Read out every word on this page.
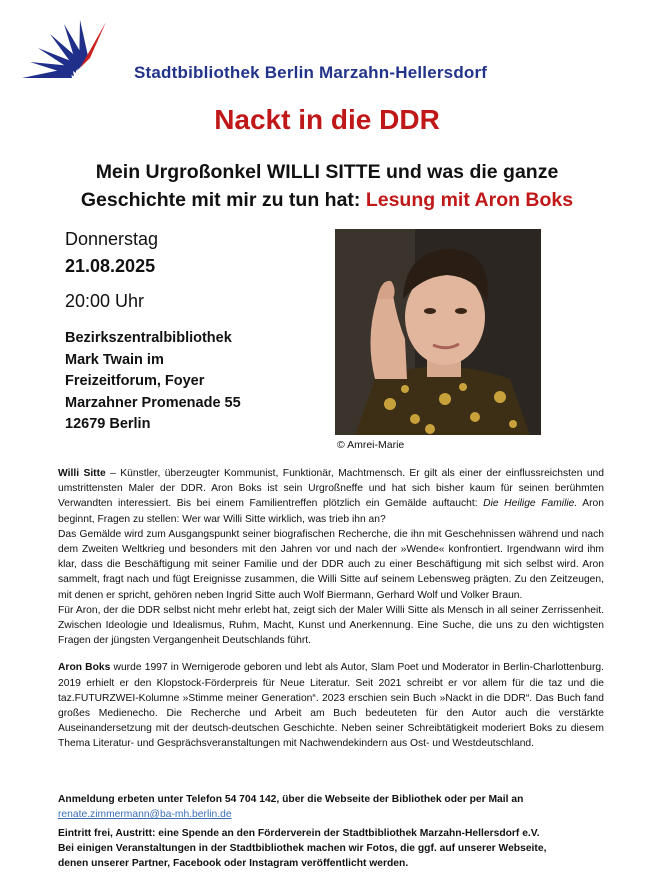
Stadtbibliothek Berlin Marzahn-Hellersdorf
Nackt in die DDR
Mein Urgroßonkel WILLI SITTE und was die ganze
Geschichte mit mir zu tun hat: Lesung mit Aron Boks
Donnerstag
21.08.2025
20:00 Uhr
Bezirkszentralbibliothek
Mark Twain im
Freizeitforum, Foyer
Marzahner Promenade 55
12679 Berlin
© Amrei-Marie

Willi Sitte – Künstler, überzeugter Kommunist, Funktionär, Machtmensch. Er gilt als einer der einflussreichsten und umstrittensten Maler der DDR. Aron Boks ist sein Urgroßneffe und hat sich bisher kaum für seinen berühmten Verwandten interessiert. Bis bei einem Familientreffen plötzlich ein Gemälde auftaucht: Die Heilige Familie. Aron beginnt, Fragen zu stellen: Wer war Willi Sitte wirklich, was trieb ihn an?

Das Gemälde wird zum Ausgangspunkt seiner biografischen Recherche, die ihn mit Geschehnissen während und nach dem Zweiten Weltkrieg und besonders mit den Jahren vor und nach der »Wende« konfrontiert. Irgendwann wird ihm klar, dass die Beschäftigung mit seiner Familie und der DDR auch zu einer Beschäftigung mit sich selbst wird. Aron sammelt, fragt nach und fügt Ereignisse zusammen, die Willi Sitte auf seinem Lebensweg prägten. Zu den Zeitzeugen, mit denen er spricht, gehören neben Ingrid Sitte auch Wolf Biermann, Gerhard Wolf und Volker Braun.

Für Aron, der die DDR selbst nicht mehr erlebt hat, zeigt sich der Maler Willi Sitte als Mensch in all seiner Zerrissenheit. Zwischen Ideologie und Idealismus, Ruhm, Macht, Kunst und Anerkennung. Eine Suche, die uns zu den wichtigsten Fragen der jüngsten Vergangenheit Deutschlands führt.

Aron Boks wurde 1997 in Wernigerode geboren und lebt als Autor, Slam Poet und Moderator in Berlin-Charlottenburg. 2019 erhielt er den Klopstock-Förderpreis für Neue Literatur. Seit 2021 schreibt er vor allem für die taz und die taz.FUTURZWEI-Kolumne »Stimme meiner Generation“. 2023 erschien sein Buch »Nackt in die DDR“. Das Buch fand großes Medienecho. Die Recherche und Arbeit am Buch bedeuteten für den Autor auch die verstärkte Auseinandersetzung mit der deutsch-deutschen Geschichte. Neben seiner Schreibtätigkeit moderiert Boks zu diesem Thema Literatur- und Gesprächsveranstaltungen mit Nachwendekindern aus Ost- und Westdeutschland.

Anmeldung erbeten unter Telefon 54 704 142, über die Webseite der Bibliothek oder per Mail an
renate.zimmermann@ba-mh.berlin.de
Eintritt frei, Austritt: eine Spende an den Förderverein der Stadtbibliothek Marzahn-Hellersdorf e.V.
Bei einigen Veranstaltungen in der Stadtbibliothek machen wir Fotos, die ggf. auf unserer Webseite,
denen unserer Partner, Facebook oder Instagram veröffentlicht werden.
